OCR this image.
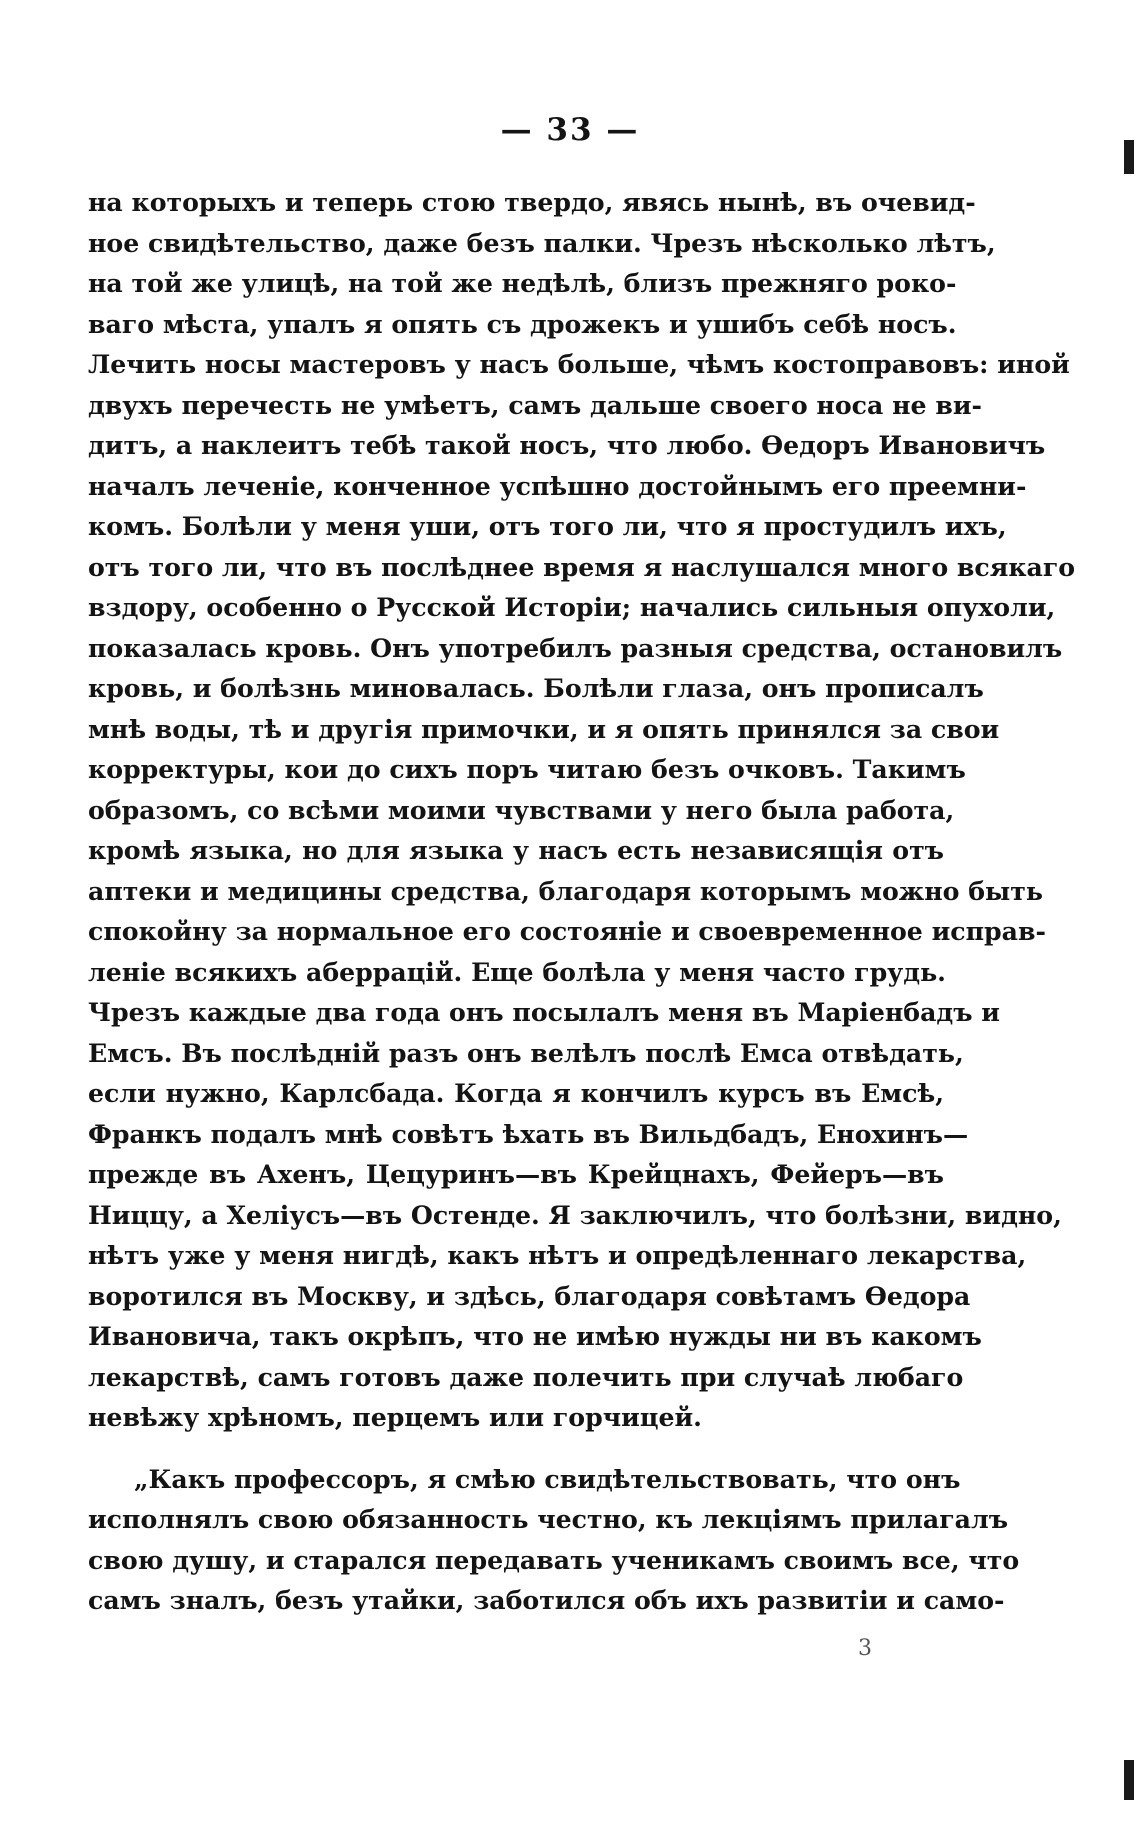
— 33 —
на которыхъ и теперь стою твердо, явясь нынѣ, въ очевид-
ное свидѣтельство, даже безъ палки. Чрезъ нѣсколько лѣтъ,
на той же улицѣ, на той же недѣлѣ, близъ прежняго роко-
ваго мѣста, упалъ я опять съ дрожекъ и ушибъ себѣ носъ.
Лечить носы мастеровъ у насъ больше, чѣмъ костоправовъ: иной
двухъ перечесть не умѣетъ, самъ дальше своего носа не ви-
дитъ, а наклеитъ тебѣ такой носъ, что любо. Ѳедоръ Ивановичъ
началъ леченіе, конченное успѣшно достойнымъ его преемни-
комъ. Болѣли у меня уши, отъ того ли, что я простудилъ ихъ,
отъ того ли, что въ послѣднее время я наслушался много всякаго
вздору, особенно о Русской Исторіи; начались сильныя опухоли,
показалась кровь. Онъ употребилъ разныя средства, остановилъ
кровь, и болѣзнь миновалась. Болѣли глаза, онъ прописалъ
мнѣ воды, тѣ и другія примочки, и я опять принялся за свои
корректуры, кои до сихъ поръ читаю безъ очковъ. Такимъ
образомъ, со всѣми моими чувствами у него была работа,
кромѣ языка, но для языка у насъ есть независящія отъ
аптеки и медицины средства, благодаря которымъ можно быть
спокойну за нормальное его состояніе и своевременное исправ-
леніе всякихъ аберрацій. Еще болѣла у меня часто грудь.
Чрезъ каждые два года онъ посылалъ меня въ Маріенбадъ и
Емсъ. Въ послѣдній разъ онъ велѣлъ послѣ Емса отвѣдать,
если нужно, Карлсбада. Когда я кончилъ курсъ въ Емсѣ,
Франкъ подалъ мнѣ совѣтъ ѣхать въ Вильдбадъ, Енохинъ—
прежде въ Ахенъ, Цецуринъ—въ Крейцнахъ, Фейеръ—въ
Ниццу, а Хеліусъ—въ Остенде. Я заключилъ, что болѣзни, видно,
нѣтъ уже у меня нигдѣ, какъ нѣтъ и опредѣленнаго лекарства,
воротился въ Москву, и здѣсь, благодаря совѣтамъ Ѳедора
Ивановича, такъ окрѣпъ, что не имѣю нужды ни въ какомъ
лекарствѣ, самъ готовъ даже полечить при случаѣ любаго
невѣжу хрѣномъ, перцемъ или горчицей.
„Какъ профессоръ, я смѣю свидѣтельствовать, что онъ
исполнялъ свою обязанность честно, къ лекціямъ прилагалъ
свою душу, и старался передавать ученикамъ своимъ все, что
самъ зналъ, безъ утайки, заботился объ ихъ развитіи и само-
3
